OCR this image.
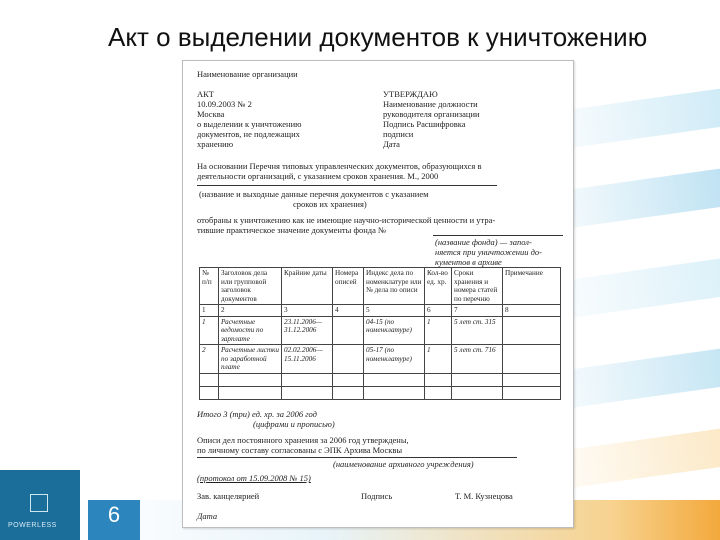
POWERLESS	6
Акт о выделении документов к уничтожению
Наименование организации
АКТ
10.09.2003 № 2
Москва
о выделении к уничтожению
документов, не подлежащих
хранению
УТВЕРЖДАЮ
Наименование должности
руководителя организации
Подпись Расшифровка
подписи
Дата
На основании Перечня типовых управленческих документов, образующихся в
деятельности организаций, с указанием сроков хранения. М., 2000
(название и выходные данные перечня документов с указанием
сроков их хранения)
отобраны к уничтожению как не имеющие научно-исторической ценности и утра-
тившие практическое значение документы фонда №
(название фонда) — запол-
няется при уничтожении до-
кументов в архиве
№ п/п	Заголовок дела или групповой заголовок документов	Крайние даты	Номера описей	Индекс дела по номенклатуре или № дела по описи	Кол-во ед. хр.	Сроки хранения и номера статей по перечню	Примечание
1	2	3	4	5	6	7	8
1	Расчетные ведомости по зарплате	23.11.2006— 31.12.2006		04-15 (по номенклатуре)	1	5 лет ст. 315	
2	Расчетные листки по заработной плате	02.02.2006— 15.11.2006		05-17 (по номенклатуре)	1	5 лет ст. 716	

Итого 3 (три) ед. хр. за 2006 год
(цифрами и прописью)
Описи дел постоянного хранения за 2006 год утверждены,
по личному составу согласованы с ЭПК Архива Москвы
(наименование архивного учреждения)
(протокол от 15.09.2008 № 15)
Зав. канцелярией	Подпись	Т. М. Кузнецова
Дата
